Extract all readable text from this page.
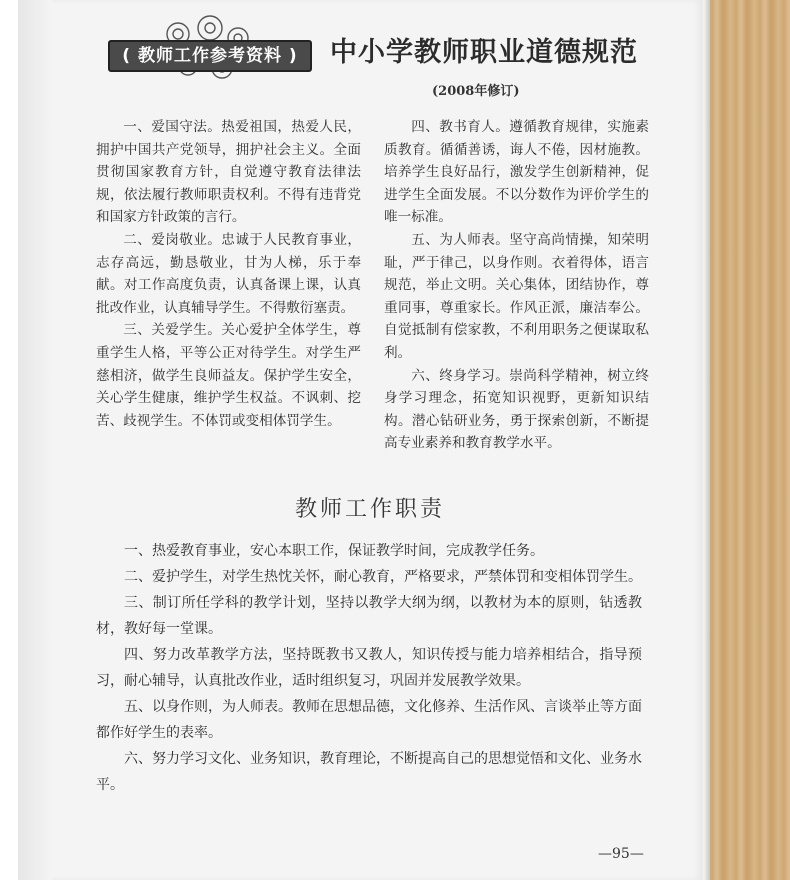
( 教师工作参考资料 )	中小学教师职业道德规范
(2008年修订)

一、爱国守法。热爱祖国，热爱人民，拥护中国共产党领导，拥护社会主义。全面贯彻国家教育方针，自觉遵守教育法律法规，依法履行教师职责权利。不得有违背党和国家方针政策的言行。

二、爱岗敬业。忠诚于人民教育事业，志存高远，勤恳敬业，甘为人梯，乐于奉献。对工作高度负责，认真备课上课，认真批改作业，认真辅导学生。不得敷衍塞责。

三、关爱学生。关心爱护全体学生，尊重学生人格，平等公正对待学生。对学生严慈相济，做学生良师益友。保护学生安全，关心学生健康，维护学生权益。不讽刺、挖苦、歧视学生。不体罚或变相体罚学生。

四、教书育人。遵循教育规律，实施素质教育。循循善诱，诲人不倦，因材施教。培养学生良好品行，激发学生创新精神，促进学生全面发展。不以分数作为评价学生的唯一标准。

五、为人师表。坚守高尚情操，知荣明耻，严于律己，以身作则。衣着得体，语言规范，举止文明。关心集体，团结协作，尊重同事，尊重家长。作风正派，廉洁奉公。自觉抵制有偿家教，不利用职务之便谋取私利。

六、终身学习。崇尚科学精神，树立终身学习理念，拓宽知识视野，更新知识结构。潜心钻研业务，勇于探索创新，不断提高专业素养和教育教学水平。

教师工作职责

一、热爱教育事业，安心本职工作，保证教学时间，完成教学任务。

二、爱护学生，对学生热忱关怀，耐心教育，严格要求，严禁体罚和变相体罚学生。

三、制订所任学科的教学计划，坚持以教学大纲为纲，以教材为本的原则，钻透教材，教好每一堂课。

四、努力改革教学方法，坚持既教书又教人，知识传授与能力培养相结合，指导预习，耐心辅导，认真批改作业，适时组织复习，巩固并发展教学效果。

五、以身作则，为人师表。教师在思想品德，文化修养、生活作风、言谈举止等方面都作好学生的表率。

六、努力学习文化、业务知识，教育理论，不断提高自己的思想觉悟和文化、业务水平。

—95—
